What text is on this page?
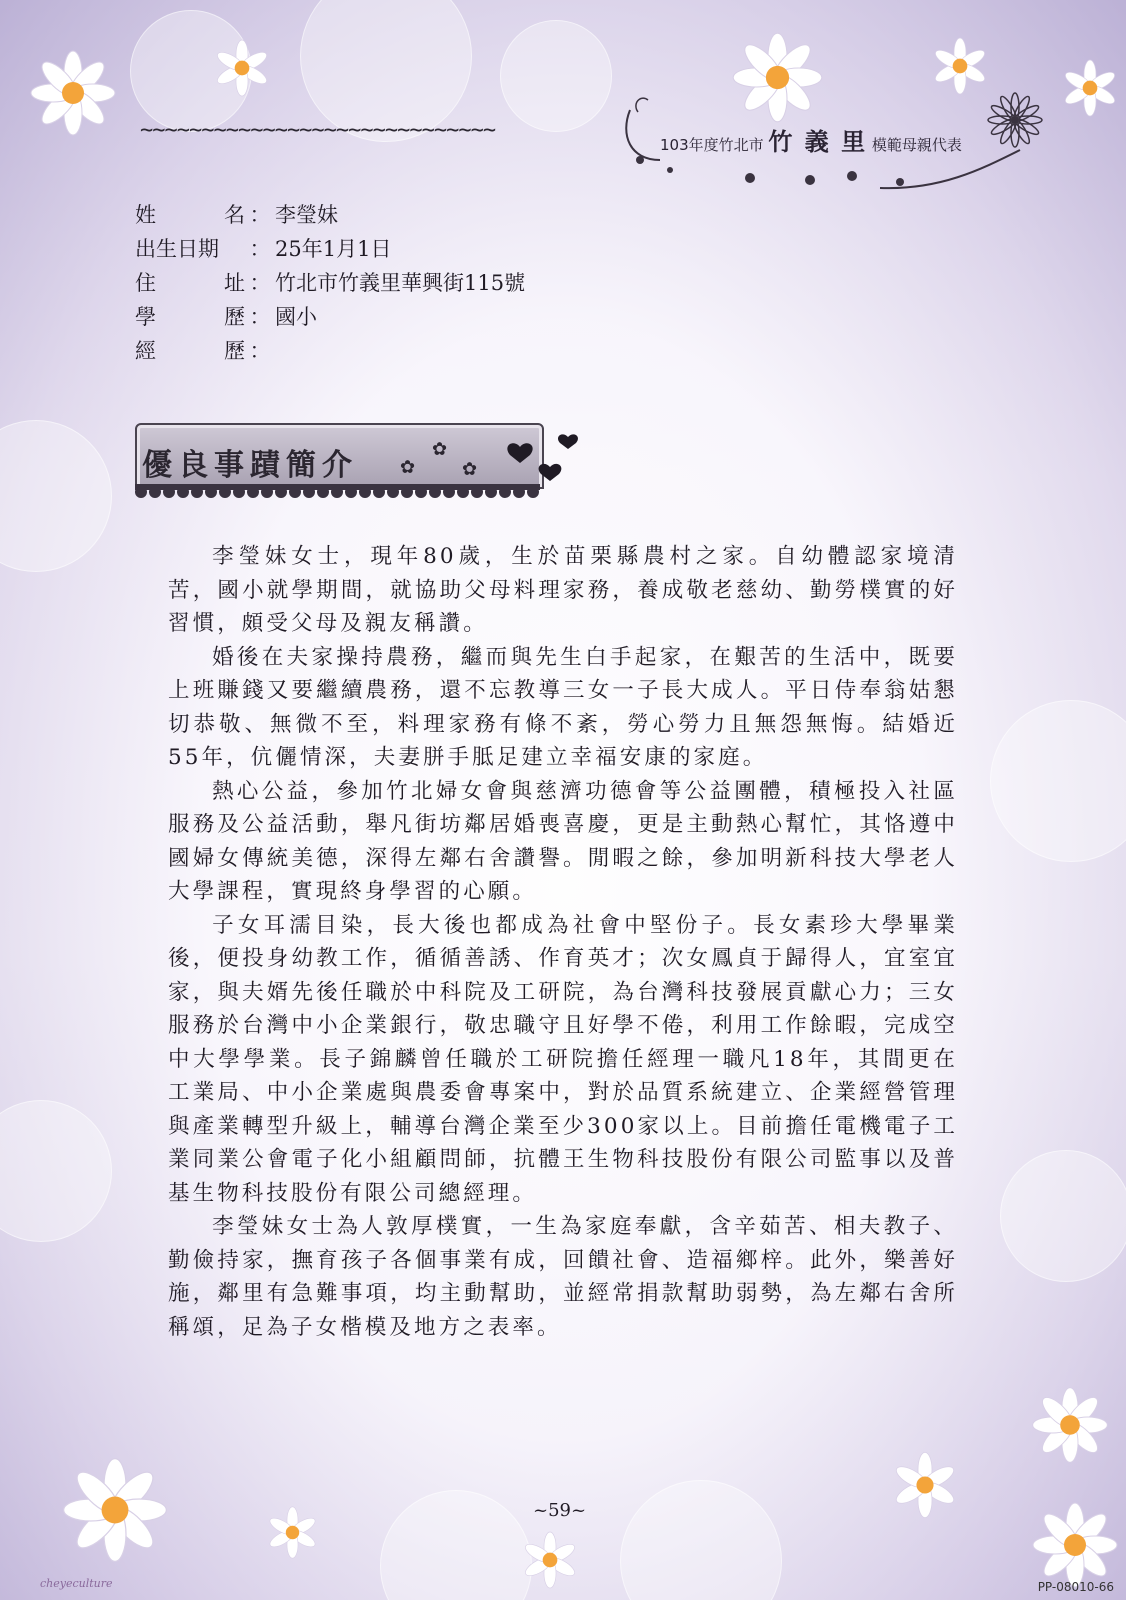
~~~~~~~~~~~~~~~~~~~~~~~~~~~~~
103年度竹北市 竹 義 里 模範母親代表
姓	名 ： 李瑩妹
出生日期	： 25年1月1日
住	址 ： 竹北市竹義里華興街115號
學	歷 ： 國小
經	歷 ：
優良事蹟簡介 ✿
✿
✿

李瑩妹女士，現年80歲，生於苗栗縣農村之家。自幼體認家境清苦，國小就學期間，就協助父母料理家務，養成敬老慈幼、勤勞樸實的好習慣，頗受父母及親友稱讚。

婚後在夫家操持農務，繼而與先生白手起家，在艱苦的生活中，既要上班賺錢又要繼續農務，還不忘教導三女一子長大成人。平日侍奉翁姑懇切恭敬、無微不至，料理家務有條不紊，勞心勞力且無怨無悔。結婚近55年，伉儷情深，夫妻胼手胝足建立幸福安康的家庭。

熱心公益，參加竹北婦女會與慈濟功德會等公益團體，積極投入社區服務及公益活動，舉凡街坊鄰居婚喪喜慶，更是主動熱心幫忙，其恪遵中國婦女傳統美德，深得左鄰右舍讚譽。閒暇之餘，參加明新科技大學老人大學課程，實現終身學習的心願。

子女耳濡目染，長大後也都成為社會中堅份子。長女素珍大學畢業後，便投身幼教工作，循循善誘、作育英才；次女鳳貞于歸得人，宜室宜家，與夫婿先後任職於中科院及工研院，為台灣科技發展貢獻心力；三女服務於台灣中小企業銀行，敬忠職守且好學不倦，利用工作餘暇，完成空中大學學業。長子錦麟曾任職於工研院擔任經理一職凡18年，其間更在工業局、中小企業處與農委會專案中，對於品質系統建立、企業經營管理與產業轉型升級上，輔導台灣企業至少300家以上。目前擔任電機電子工業同業公會電子化小組顧問師，抗體王生物科技股份有限公司監事以及普基生物科技股份有限公司總經理。

李瑩妹女士為人敦厚樸實，一生為家庭奉獻，含辛茹苦、相夫教子、勤儉持家，撫育孩子各個事業有成，回饋社會、造福鄉梓。此外，樂善好施，鄰里有急難事項，均主動幫助，並經常捐款幫助弱勢，為左鄰右舍所稱頌，足為子女楷模及地方之表率。

~59~
cheyeculture	PP-08010-66
